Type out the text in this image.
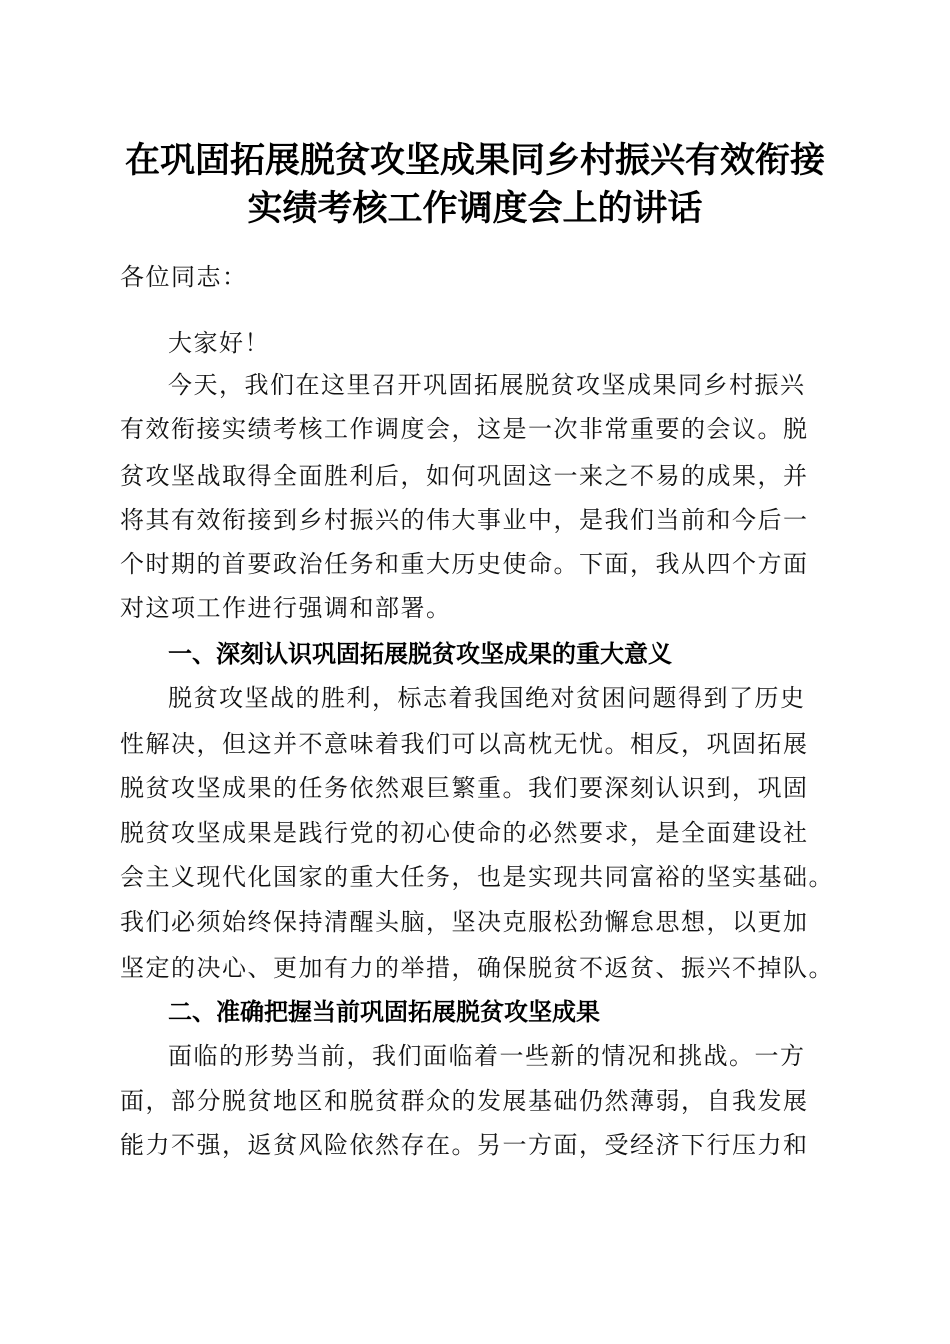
在巩固拓展脱贫攻坚成果同乡村振兴有效衔接
实绩考核工作调度会上的讲话
各位同志：
大家好！
今天，我们在这里召开巩固拓展脱贫攻坚成果同乡村振兴
有效衔接实绩考核工作调度会，这是一次非常重要的会议。脱
贫攻坚战取得全面胜利后，如何巩固这一来之不易的成果，并
将其有效衔接到乡村振兴的伟大事业中，是我们当前和今后一
个时期的首要政治任务和重大历史使命。下面，我从四个方面
对这项工作进行强调和部署。
一、深刻认识巩固拓展脱贫攻坚成果的重大意义
脱贫攻坚战的胜利，标志着我国绝对贫困问题得到了历史
性解决，但这并不意味着我们可以高枕无忧。相反，巩固拓展
脱贫攻坚成果的任务依然艰巨繁重。我们要深刻认识到，巩固
脱贫攻坚成果是践行党的初心使命的必然要求，是全面建设社
会主义现代化国家的重大任务，也是实现共同富裕的坚实基础。
我们必须始终保持清醒头脑，坚决克服松劲懈怠思想，以更加
坚定的决心、更加有力的举措，确保脱贫不返贫、振兴不掉队。
二、准确把握当前巩固拓展脱贫攻坚成果
面临的形势当前，我们面临着一些新的情况和挑战。一方
面，部分脱贫地区和脱贫群众的发展基础仍然薄弱，自我发展
能力不强，返贫风险依然存在。另一方面，受经济下行压力和
